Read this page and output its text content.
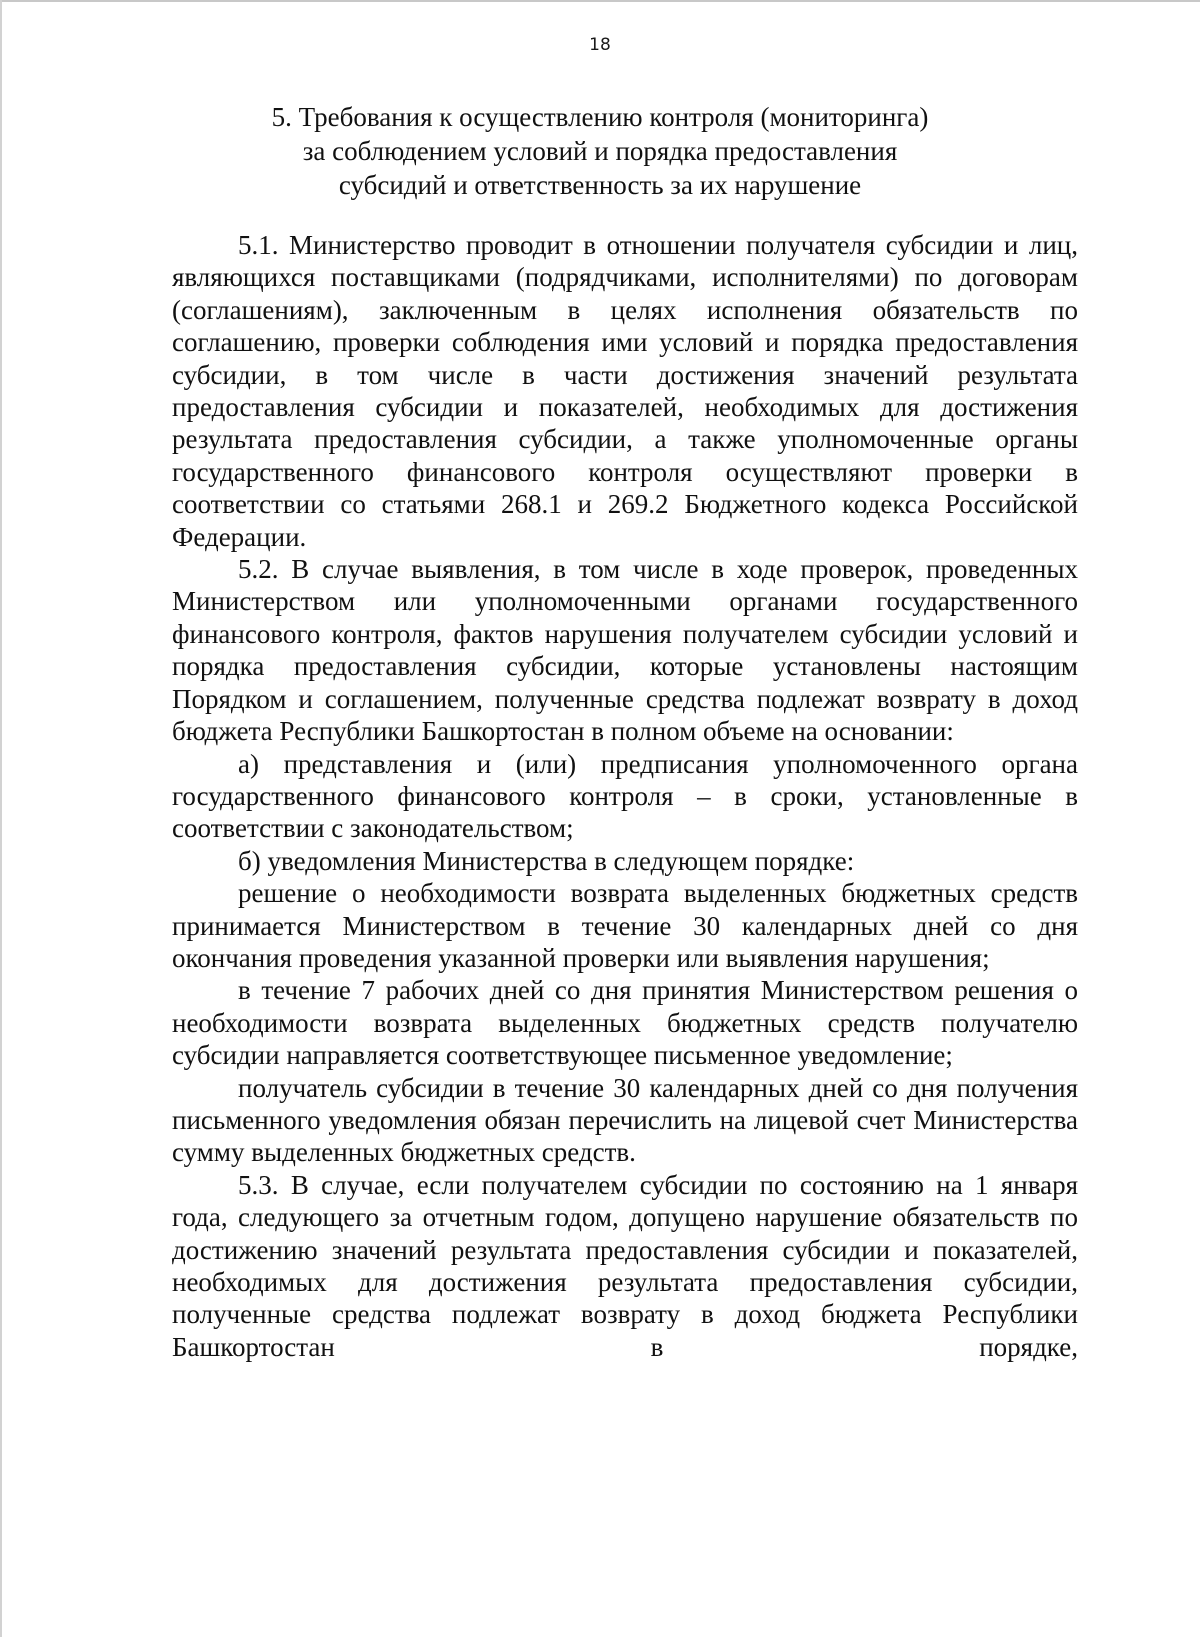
18
5. Требования к осуществлению контроля (мониторинга)
за соблюдением условий и порядка предоставления
субсидий и ответственность за их нарушение

5.1. Министерство проводит в отношении получателя субсидии и лиц, являющихся поставщиками (подрядчиками, исполнителями) по договорам (соглашениям), заключенным в целях исполнения обязательств по соглашению, проверки соблюдения ими условий и порядка предоставления субсидии, в том числе в части достижения значений результата предоставления субсидии и показателей, необходимых для достижения результата предоставления субсидии, а также уполномоченные органы государственного финансового контроля осуществляют проверки в соответствии со статьями 268.1 и 269.2 Бюджетного кодекса Российской Федерации.

5.2. В случае выявления, в том числе в ходе проверок, проведенных Министерством или уполномоченными органами государственного финансового контроля, фактов нарушения получателем субсидии условий и порядка предоставления субсидии, которые установлены настоящим Порядком и соглашением, полученные средства подлежат возврату в доход бюджета Республики Башкортостан в полном объеме на основании:

а) представления и (или) предписания уполномоченного органа государственного финансового контроля – в сроки, установленные в соответствии с законодательством;

б) уведомления Министерства в следующем порядке:

решение о необходимости возврата выделенных бюджетных средств принимается Министерством в течение 30 календарных дней со дня окончания проведения указанной проверки или выявления нарушения;

в течение 7 рабочих дней со дня принятия Министерством решения о необходимости возврата выделенных бюджетных средств получателю субсидии направляется соответствующее письменное уведомление;

получатель субсидии в течение 30 календарных дней со дня получения письменного уведомления обязан перечислить на лицевой счет Министерства сумму выделенных бюджетных средств.

5.3. В случае, если получателем субсидии по состоянию на 1 января года, следующего за отчетным годом, допущено нарушение обязательств по достижению значений результата предоставления субсидии и показателей, необходимых для достижения результата предоставления субсидии, полученные средства подлежат возврату в доход бюджета Республики Башкортостан в порядке,
